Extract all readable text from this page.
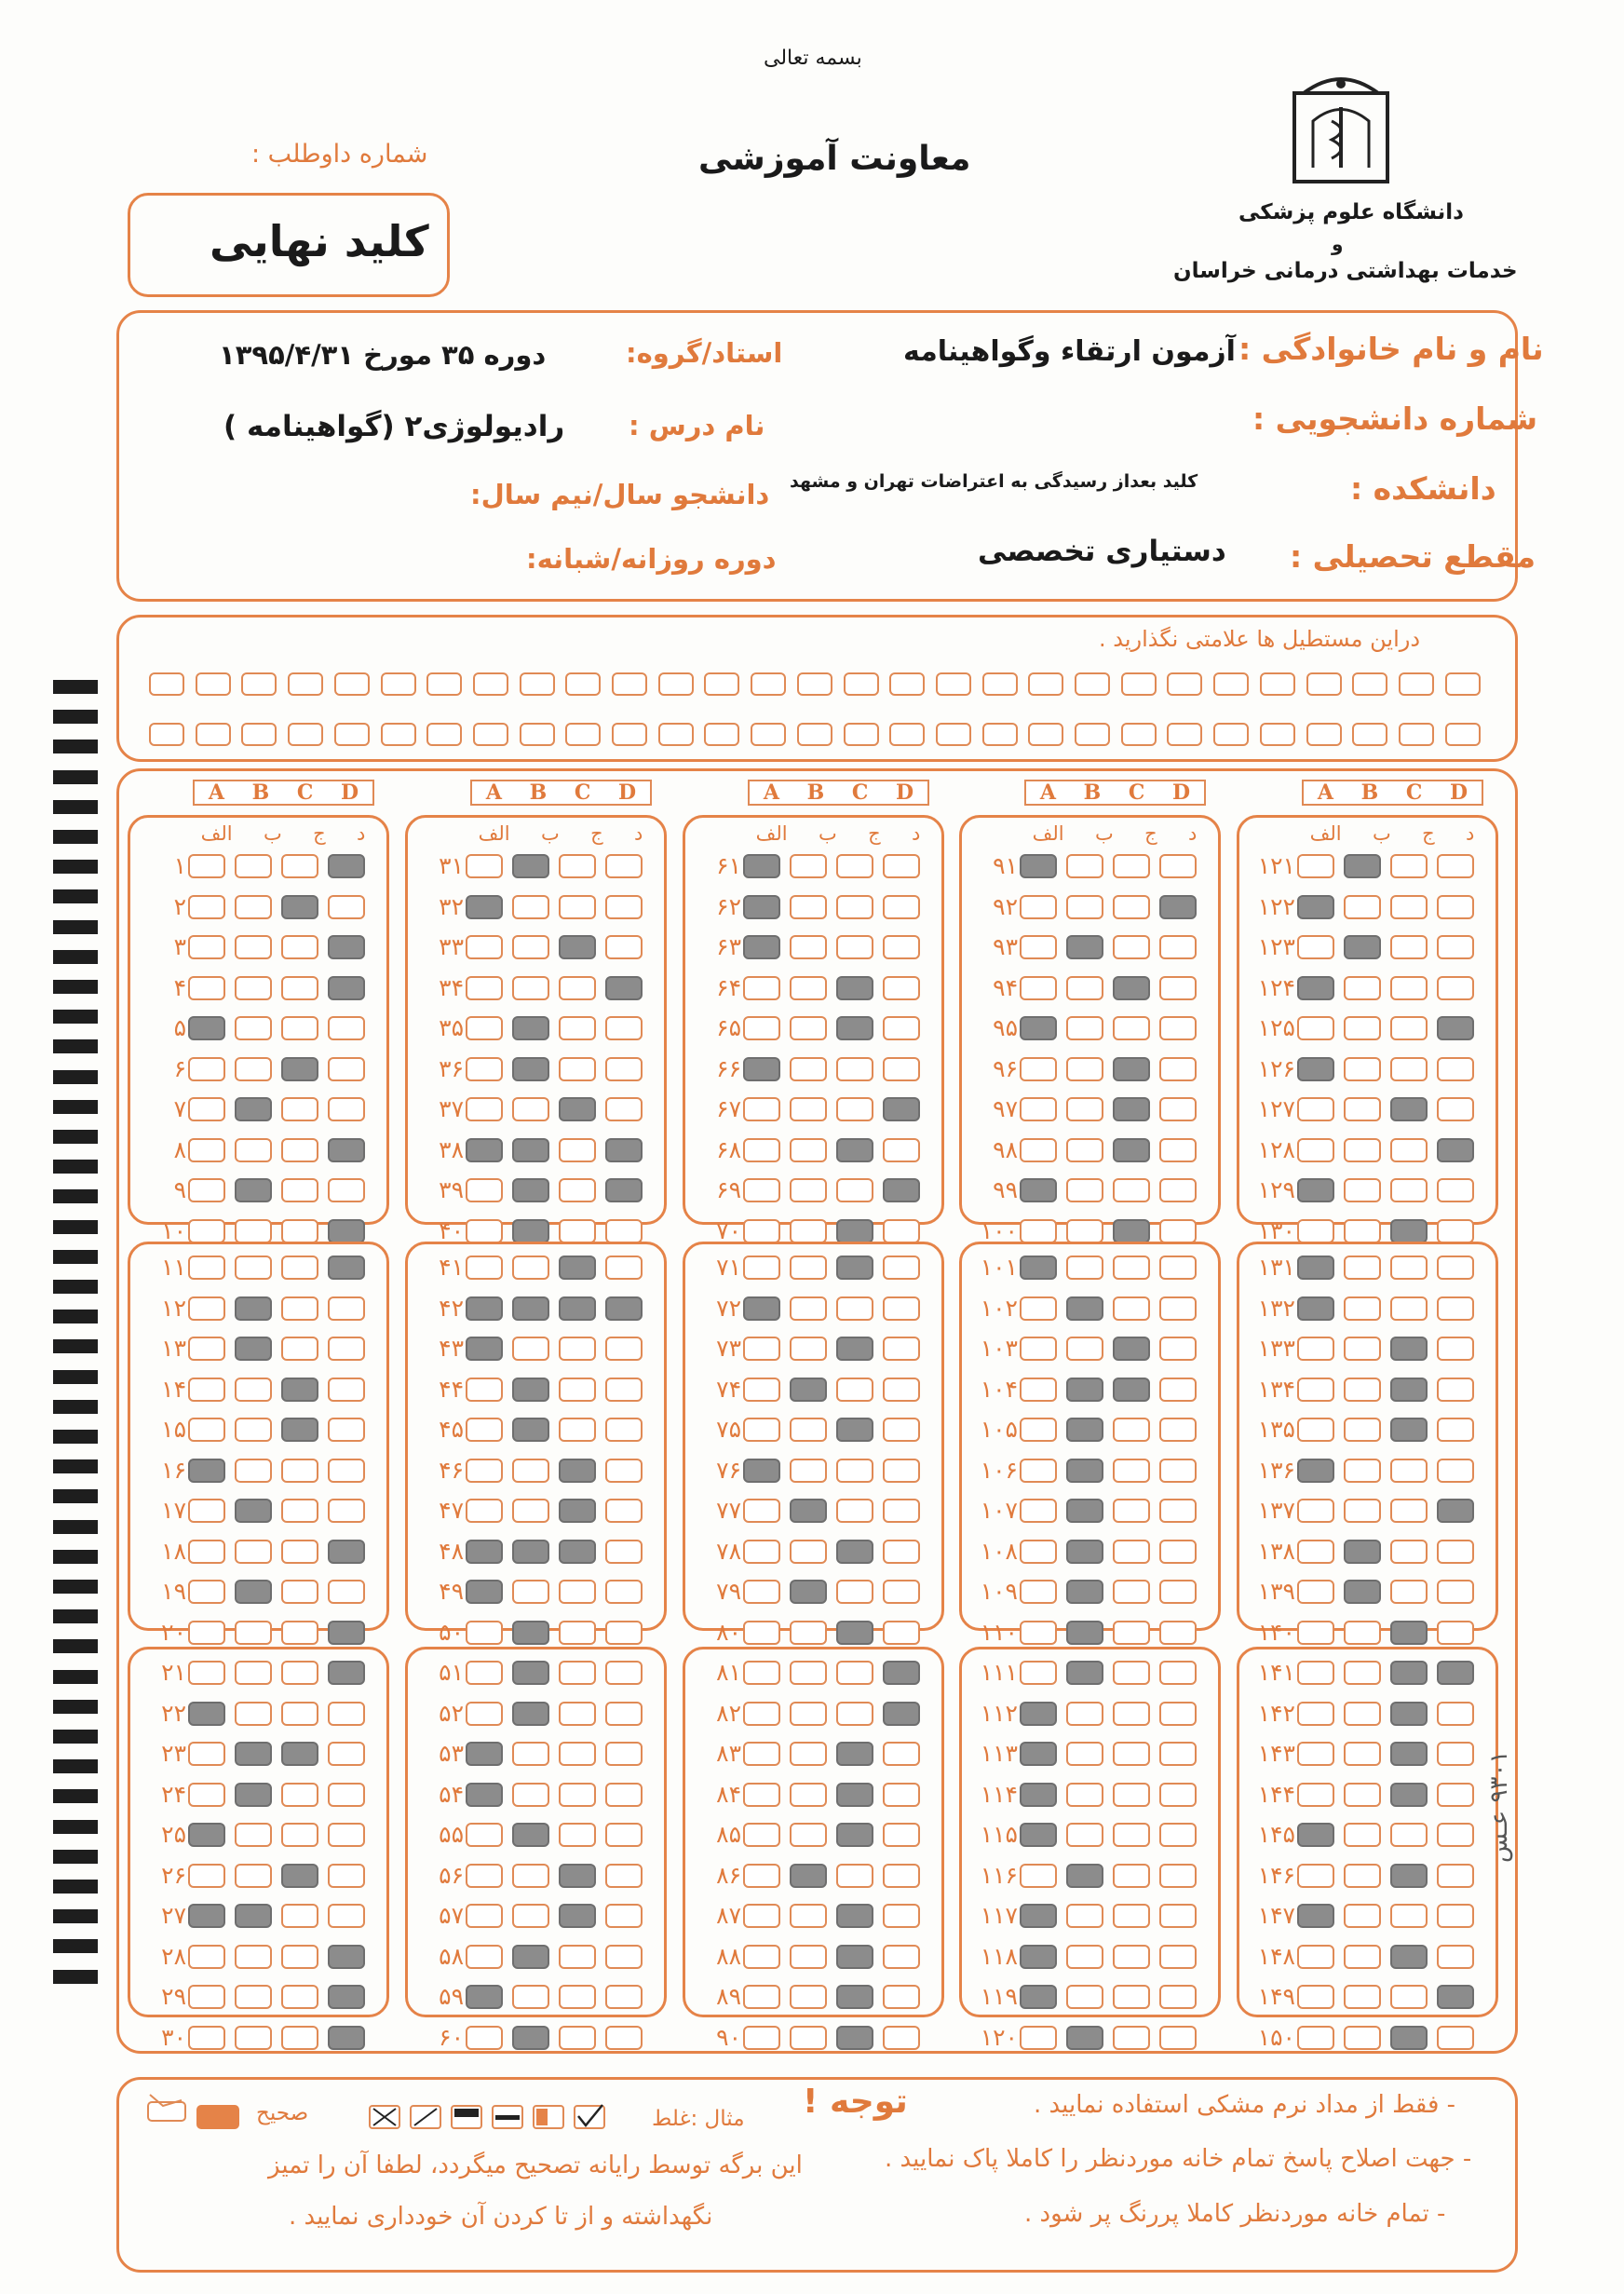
بسمه تعالی
معاونت آموزشی
شماره داوطلب :
دانشگاه علوم پزشکی
و
خدمات بهداشتی درمانی خراسان
کلید نهایی
نام و نام خانوادگی :
آزمون ارتقاء وگواهینامه
شماره دانشجویی :
دانشکده :
کلید بعداز رسیدگی به اعتراضات تهران و مشهد
مقطع تحصیلی :
دستیاری تخصصی
استاد/گروه:
دوره ۳۵ مورخ ۱۳۹۵/۴/۳۱
نام درس :
رادیولوژی۲ (گواهینامه )
دانشجو سال/نیم سال:
دوره روزانه/شبانه:
دراین مستطیل ها علامتی نگذارید .
A B C D
الف ب ج د
۱
۲
۳
۴
۵
۶
۷
۸
۹
۱۰
۱۱
۱۲
۱۳
۱۴
۱۵
۱۶
۱۷
۱۸
۱۹
۲۰
۲۱
۲۲
۲۳
۲۴
۲۵
۲۶
۲۷
۲۸
۲۹
۳۰
A B C D
الف ب ج د
۳۱
۳۲
۳۳
۳۴
۳۵
۳۶
۳۷
۳۸
۳۹
۴۰
۴۱
۴۲
۴۳
۴۴
۴۵
۴۶
۴۷
۴۸
۴۹
۵۰
۵۱
۵۲
۵۳
۵۴
۵۵
۵۶
۵۷
۵۸
۵۹
۶۰
A B C D
الف ب ج د
۶۱
۶۲
۶۳
۶۴
۶۵
۶۶
۶۷
۶۸
۶۹
۷۰
۷۱
۷۲
۷۳
۷۴
۷۵
۷۶
۷۷
۷۸
۷۹
۸۰
۸۱
۸۲
۸۳
۸۴
۸۵
۸۶
۸۷
۸۸
۸۹
۹۰
A B C D
الف ب ج د
۹۱
۹۲
۹۳
۹۴
۹۵
۹۶
۹۷
۹۸
۹۹
۱۰۰
۱۰۱
۱۰۲
۱۰۳
۱۰۴
۱۰۵
۱۰۶
۱۰۷
۱۰۸
۱۰۹
۱۱۰
۱۱۱
۱۱۲
۱۱۳
۱۱۴
۱۱۵
۱۱۶
۱۱۷
۱۱۸
۱۱۹
۱۲۰
A B C D
الف ب ج د
۱۲۱
۱۲۲
۱۲۳
۱۲۴
۱۲۵
۱۲۶
۱۲۷
۱۲۸
۱۲۹
۱۳۰
۱۳۱
۱۳۲
۱۳۳
۱۳۴
۱۳۵
۱۳۶
۱۳۷
۱۳۸
۱۳۹
۱۴۰
۱۴۱
۱۴۲
۱۴۳
۱۴۴
۱۴۵
۱۴۶
۱۴۷
۱۴۸
۱۴۹
۱۵۰
۹۳۰۱ عـس
مثال :غلط
صحیح	توجه !
این برگه توسط رایانه تصحیح میگردد، لطفا آن را تمیز
نگهداشته و از تا کردن آن خودداری نمایید .
- فقط از مداد نرم مشکی استفاده نمایید .
- جهت اصلاح پاسخ تمام خانه موردنظر را کاملا پاک نمایید .
- تمام خانه موردنظر کاملا پررنگ پر شود .
